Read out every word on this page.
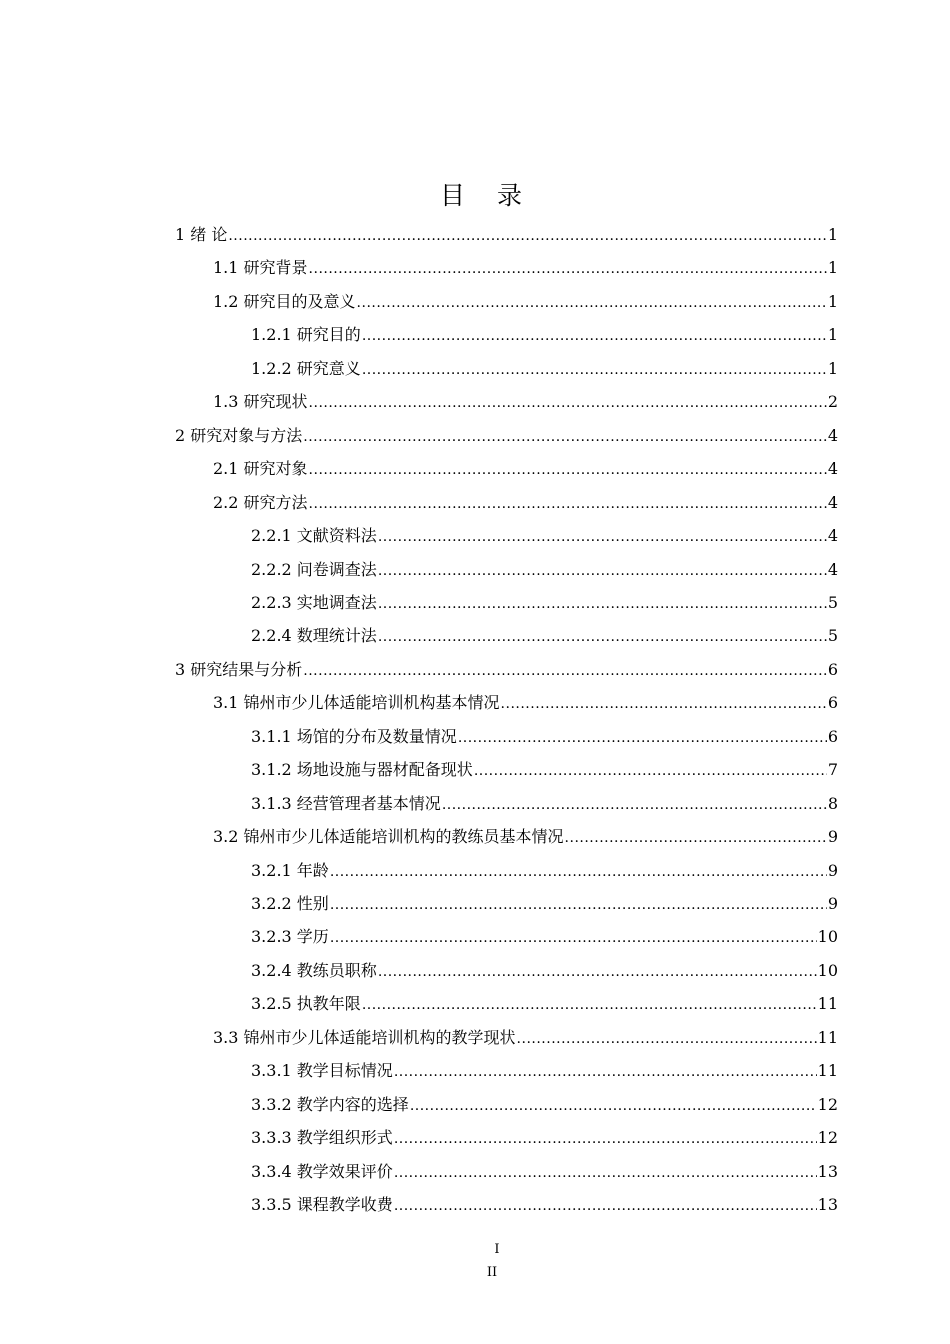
目 录
1 绪 论 .....	1
1.1 研究背景 .....	1
1.2 研究目的及意义 .....	1
1.2.1 研究目的 .....	1
1.2.2 研究意义 .....	1
1.3 研究现状 .....	2
2 研究对象与方法 .....	4
2.1 研究对象 .....	4
2.2 研究方法 .....	4
2.2.1 文献资料法 .....	4
2.2.2 问卷调查法 .....	4
2.2.3 实地调查法 .....	5
2.2.4 数理统计法 .....	5
3 研究结果与分析 .....	6
3.1 锦州市少儿体适能培训机构基本情况 .....	6
3.1.1 场馆的分布及数量情况 .....	6
3.1.2 场地设施与器材配备现状 .....	7
3.1.3 经营管理者基本情况 .....	8
3.2 锦州市少儿体适能培训机构的教练员基本情况 .....	9
3.2.1 年龄 .....	9
3.2.2 性别 .....	9
3.2.3 学历 .....	10
3.2.4 教练员职称 .....	10
3.2.5 执教年限 .....	11
3.3 锦州市少儿体适能培训机构的教学现状 .....	11
3.3.1 教学目标情况 .....	11
3.3.2 教学内容的选择 .....	12
3.3.3 教学组织形式 .....	12
3.3.4 教学效果评价 .....	13
3.3.5 课程教学收费 .....	13
I
II
